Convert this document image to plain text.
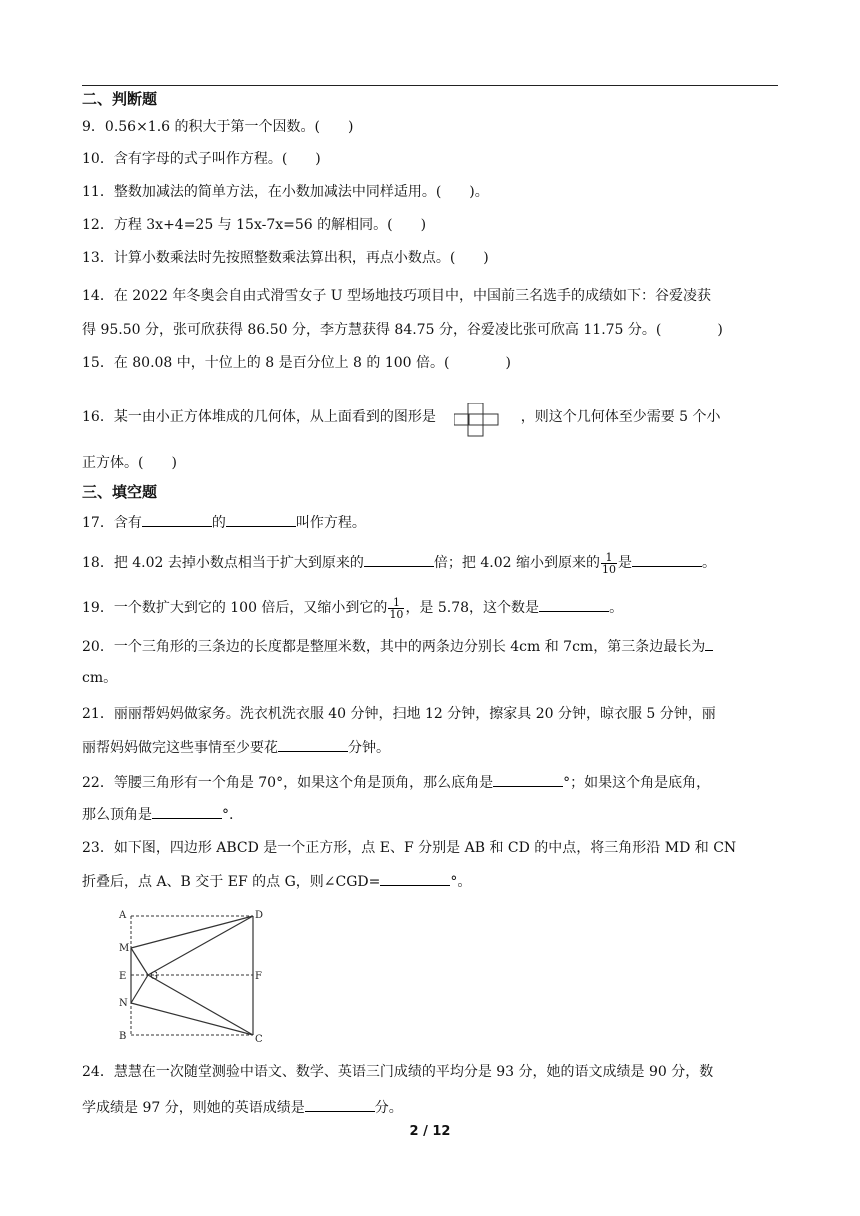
二、判断题
9．0.56×1.6 的积大于第一个因数。(　　)
10．含有字母的式子叫作方程。(　　)
11．整数加减法的简单方法，在小数加减法中同样适用。(　　)。
12．方程 3x+4=25 与 15x-7x=56 的解相同。(　　)
13．计算小数乘法时先按照整数乘法算出积，再点小数点。(　　)
14．在 2022 年冬奥会自由式滑雪女子 U 型场地技巧项目中，中国前三名选手的成绩如下：谷爱凌获
得 95.50 分，张可欣获得 86.50 分，李方慧获得 84.75 分，谷爱凌比张可欣高 11.75 分。(　　　　)
15．在 80.08 中，十位上的 8 是百分位上 8 的 100 倍。(　　　　)
16．某一由小正方体堆成的几何体，从上面看到的图形是	，则这个几何体至少需要 5 个小
正方体。(　　)
三、填空题
17．含有	的	叫作方程。
18．把 4.02 去掉小数点相当于扩大到原来的	倍；把 4.02 缩小到原来的 $\frac{1}{10}$ 是	。
19．一个数扩大到它的 100 倍后，又缩小到它的 $\frac{1}{10}$ ，是 5.78，这个数是	。
20．一个三角形的三条边的长度都是整厘米数，其中的两条边分别长 4cm 和 7cm，第三条边最长为
cm。
21．丽丽帮妈妈做家务。洗衣机洗衣服 40 分钟，扫地 12 分钟，擦家具 20 分钟，晾衣服 5 分钟，丽
丽帮妈妈做完这些事情至少要花	分钟。
22．等腰三角形有一个角是 70°，如果这个角是顶角，那么底角是	°；如果这个角是底角，
那么顶角是	°.
23．如下图，四边形 ABCD 是一个正方形，点 E、F 分别是 AB 和 CD 的中点，将三角形沿 MD 和 CN
折叠后，点 A、B 交于 EF 的点 G，则∠CGD=	°。
A
B	C
D
E	F
G
M
N
24．慧慧在一次随堂测验中语文、数学、英语三门成绩的平均分是 93 分，她的语文成绩是 90 分，数
学成绩是 97 分，则她的英语成绩是	分。
2 / 12
